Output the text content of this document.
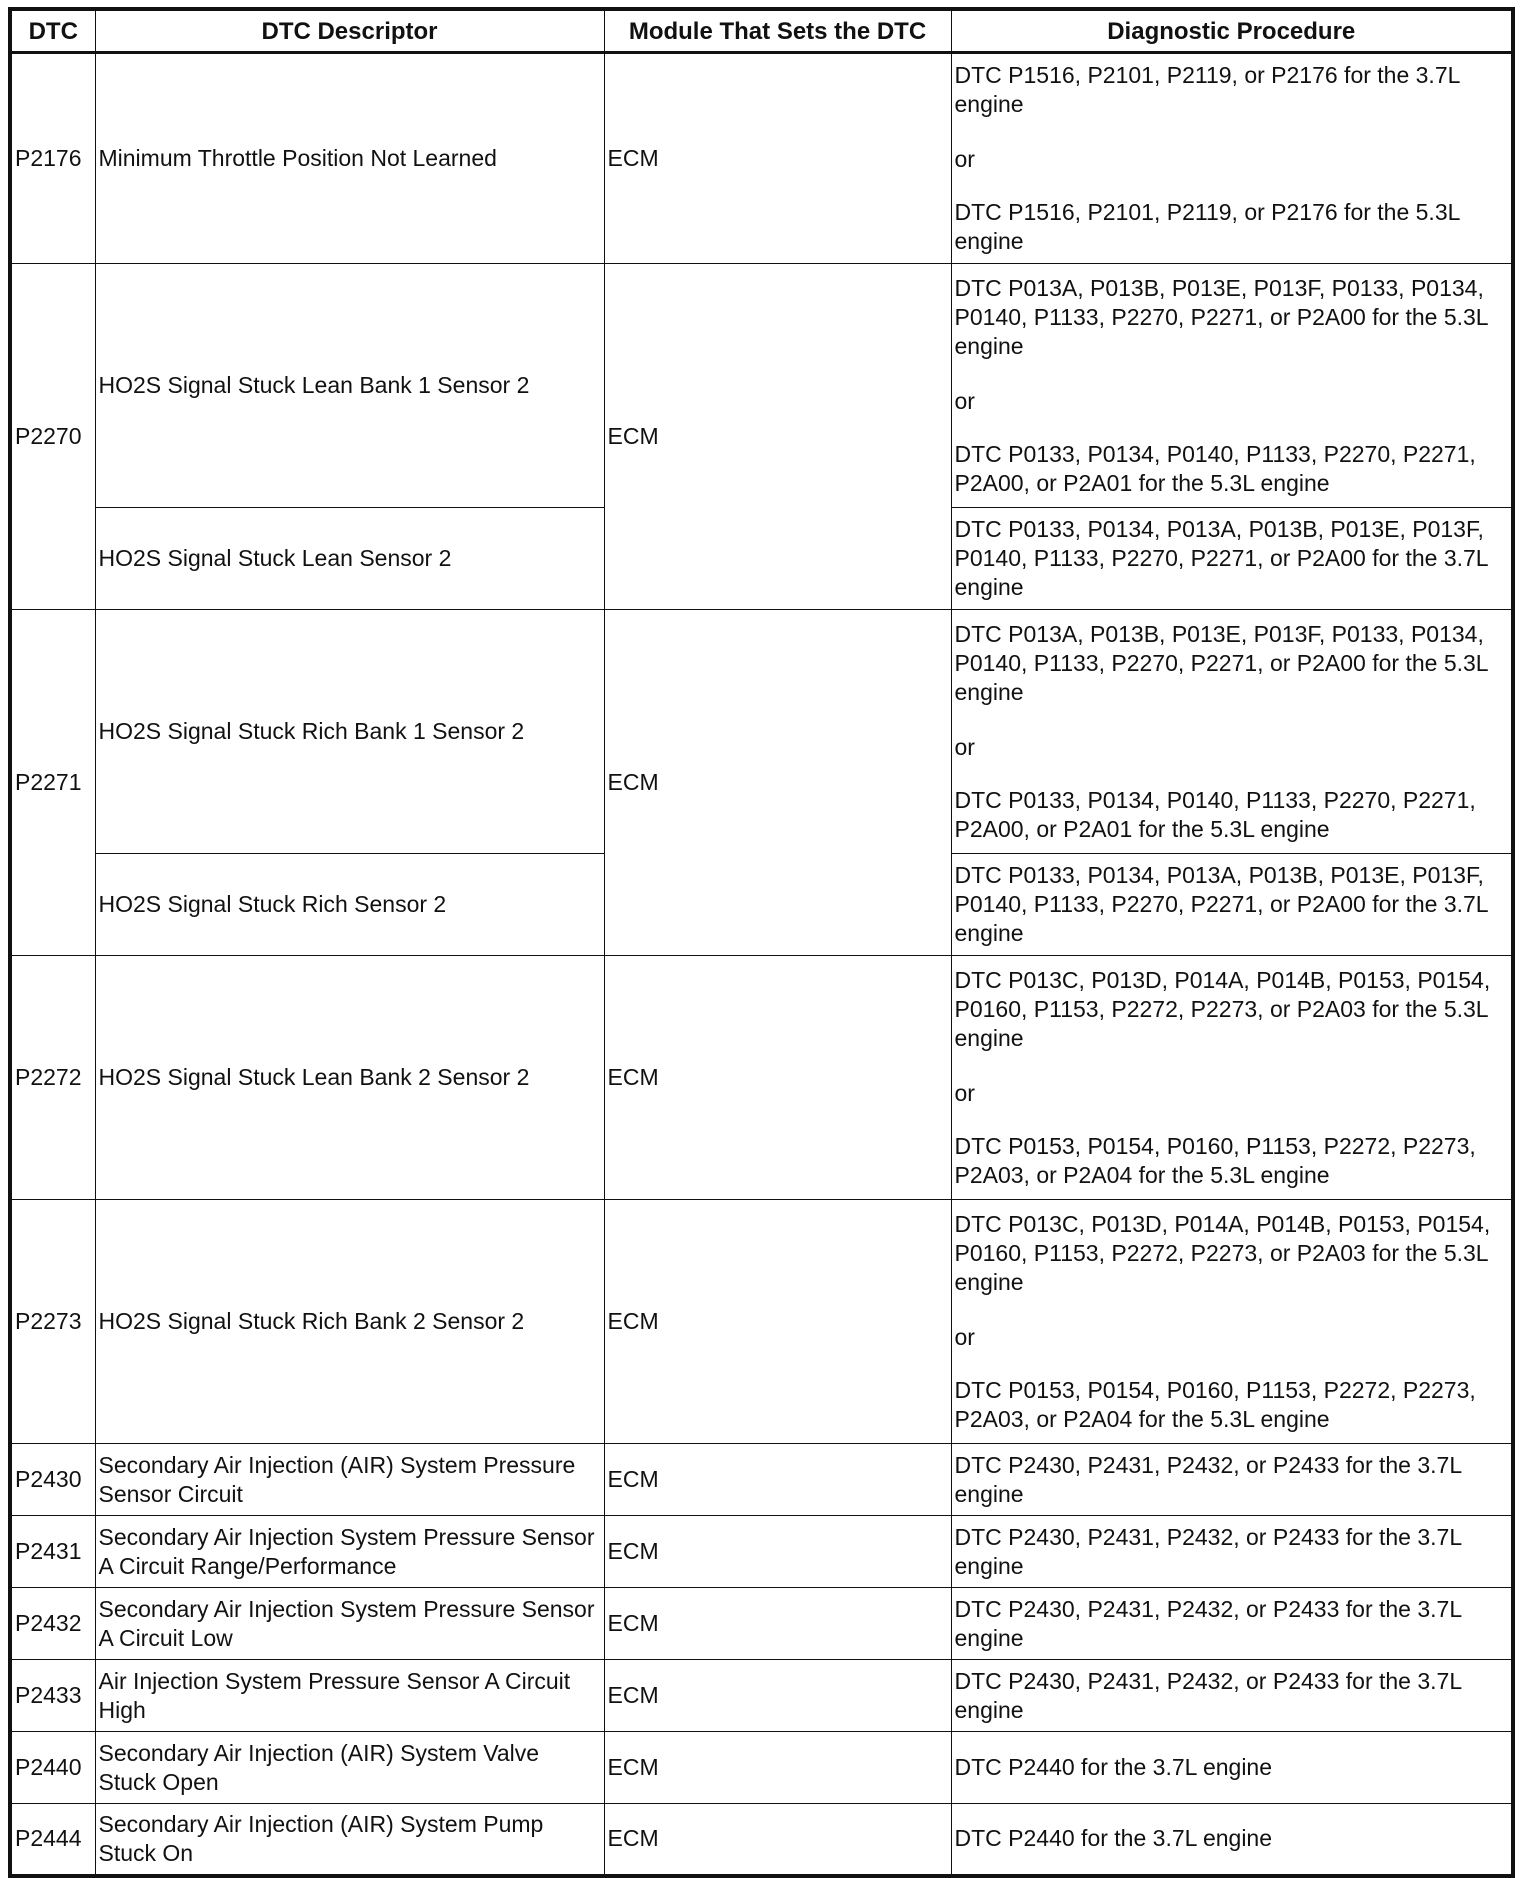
DTC	DTC Descriptor	Module That Sets the DTC	Diagnostic Procedure
P2176	Minimum Throttle Position Not Learned	ECM	DTC P1516, P2101, P2119, or P2176 for the 3.7L engine
or
DTC P1516, P2101, P2119, or P2176 for the 5.3L engine
P2270	HO2S Signal Stuck Lean Bank 1 Sensor 2	ECM	DTC P013A, P013B, P013E, P013F, P0133, P0134, P0140, P1133, P2270, P2271, or P2A00 for the 5.3L engine
or
DTC P0133, P0134, P0140, P1133, P2270, P2271, P2A00, or P2A01 for the 5.3L engine
	HO2S Signal Stuck Lean Sensor 2		DTC P0133, P0134, P013A, P013B, P013E, P013F, P0140, P1133, P2270, P2271, or P2A00 for the 3.7L engine
P2271	HO2S Signal Stuck Rich Bank 1 Sensor 2	ECM	DTC P013A, P013B, P013E, P013F, P0133, P0134, P0140, P1133, P2270, P2271, or P2A00 for the 5.3L engine
or
DTC P0133, P0134, P0140, P1133, P2270, P2271, P2A00, or P2A01 for the 5.3L engine
	HO2S Signal Stuck Rich Sensor 2		DTC P0133, P0134, P013A, P013B, P013E, P013F, P0140, P1133, P2270, P2271, or P2A00 for the 3.7L engine
P2272	HO2S Signal Stuck Lean Bank 2 Sensor 2	ECM	DTC P013C, P013D, P014A, P014B, P0153, P0154, P0160, P1153, P2272, P2273, or P2A03 for the 5.3L engine
or
DTC P0153, P0154, P0160, P1153, P2272, P2273, P2A03, or P2A04 for the 5.3L engine
P2273	HO2S Signal Stuck Rich Bank 2 Sensor 2	ECM	DTC P013C, P013D, P014A, P014B, P0153, P0154, P0160, P1153, P2272, P2273, or P2A03 for the 5.3L engine
or
DTC P0153, P0154, P0160, P1153, P2272, P2273, P2A03, or P2A04 for the 5.3L engine
P2430	Secondary Air Injection (AIR) System Pressure Sensor Circuit	ECM	DTC P2430, P2431, P2432, or P2433 for the 3.7L engine
P2431	Secondary Air Injection System Pressure Sensor A Circuit Range/Performance	ECM	DTC P2430, P2431, P2432, or P2433 for the 3.7L engine
P2432	Secondary Air Injection System Pressure Sensor A Circuit Low	ECM	DTC P2430, P2431, P2432, or P2433 for the 3.7L engine
P2433	Air Injection System Pressure Sensor A Circuit High	ECM	DTC P2430, P2431, P2432, or P2433 for the 3.7L engine
P2440	Secondary Air Injection (AIR) System Valve Stuck Open	ECM	DTC P2440 for the 3.7L engine
P2444	Secondary Air Injection (AIR) System Pump Stuck On	ECM	DTC P2440 for the 3.7L engine
